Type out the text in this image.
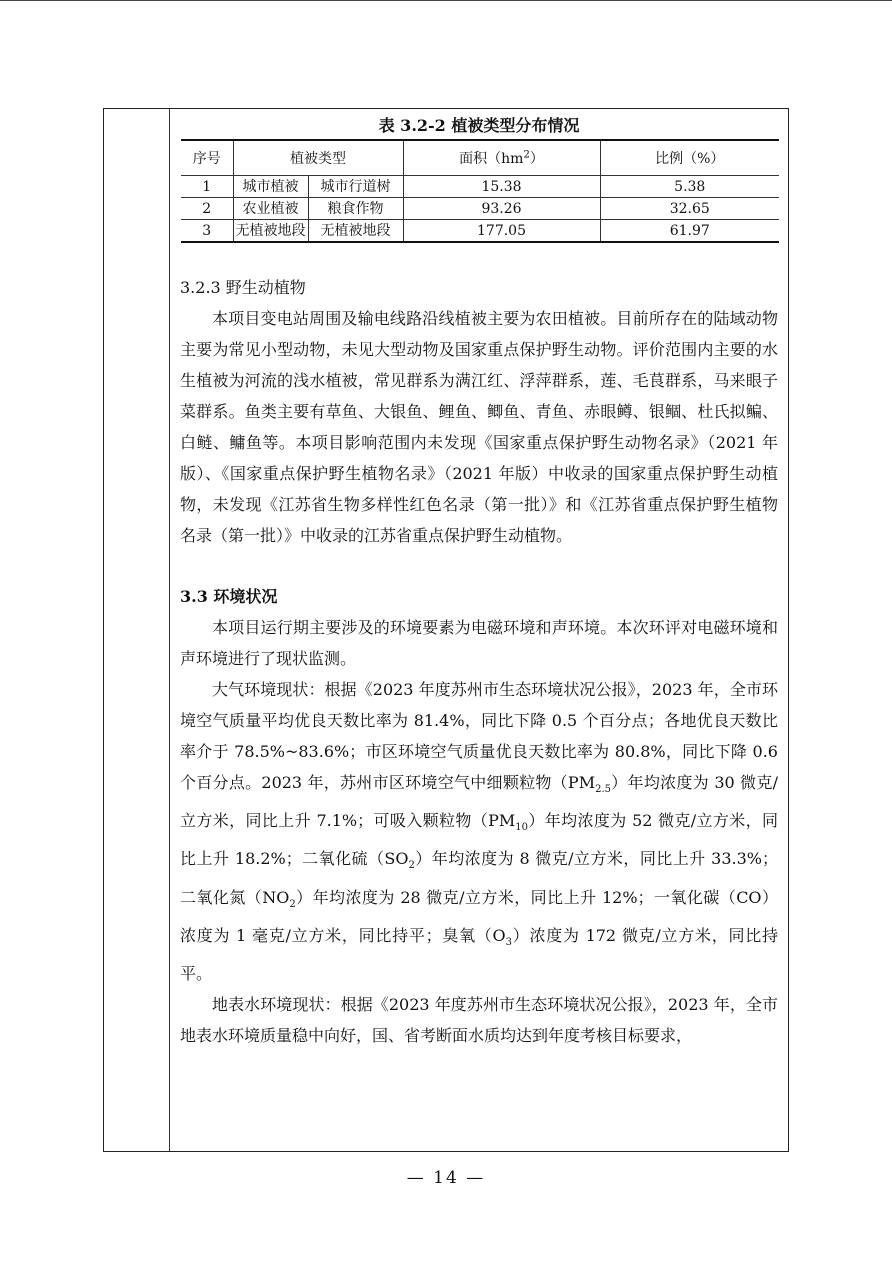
表 3.2-2 植被类型分布情况
序号	植被类型		面积$(hm^2)$	比例（%）
1	城市植被	城市行道树	15.38	5.38
2	农业植被	粮食作物	93.26	32.65
3	无植被地段	无植被地段	177.05	61.97
3.2.3 野生动植物

本项目变电站周围及输电线路沿线植被主要为农田植被。目前所存在的陆域动物主要为常见小型动物，未见大型动物及国家重点保护野生动物。评价范围内主要的水生植被为河流的浅水植被，常见群系为满江红、浮萍群系，莲、毛茛群系，马来眼子菜群系。鱼类主要有草鱼、大银鱼、鲤鱼、鲫鱼、青鱼、赤眼鳟、银鲴、杜氏拟鳊、白鲢、鳙鱼等。本项目影响范围内未发现《国家重点保护野生动物名录》（2021 年版）、《国家重点保护野生植物名录》（2021 年版）中收录的国家重点保护野生动植物，未发现《江苏省生物多样性红色名录（第一批）》和《江苏省重点保护野生植物名录（第一批）》中收录的江苏省重点保护野生动植物。

3.3 环境状况

本项目运行期主要涉及的环境要素为电磁环境和声环境。本次环评对电磁环境和声环境进行了现状监测。

大气环境现状：根据《2023 年度苏州市生态环境状况公报》，2023 年，全市环境空气质量平均优良天数比率为 81.4%，同比下降 0.5 个百分点；各地优良天数比率介于 78.5%~83.6%；市区环境空气质量优良天数比率为 80.8%，同比下降 0.6 个百分点。2023 年，苏州市区环境空气中细颗粒物$(PM_{2.5})$年均浓度为 30 微克/立方米，同比上升 7.1%；可吸入颗粒物$(PM_{10})$年均浓度为 52 微克/立方米，同比上升 18.2%；二氧化硫$(SO_2)$年均浓度为 8 微克/立方米，同比上升 33.3%；二氧化氮$(NO_2)$年均浓度为 28 微克/立方米，同比上升 12%；一氧化碳（CO）浓度为 1 毫克/立方米，同比持平；臭氧$(O_3)$浓度为 172 微克/立方米，同比持平。

地表水环境现状：根据《2023 年度苏州市生态环境状况公报》，2023 年，全市地表水环境质量稳中向好，国、省考断面水质均达到年度考核目标要求，

— 14 —
